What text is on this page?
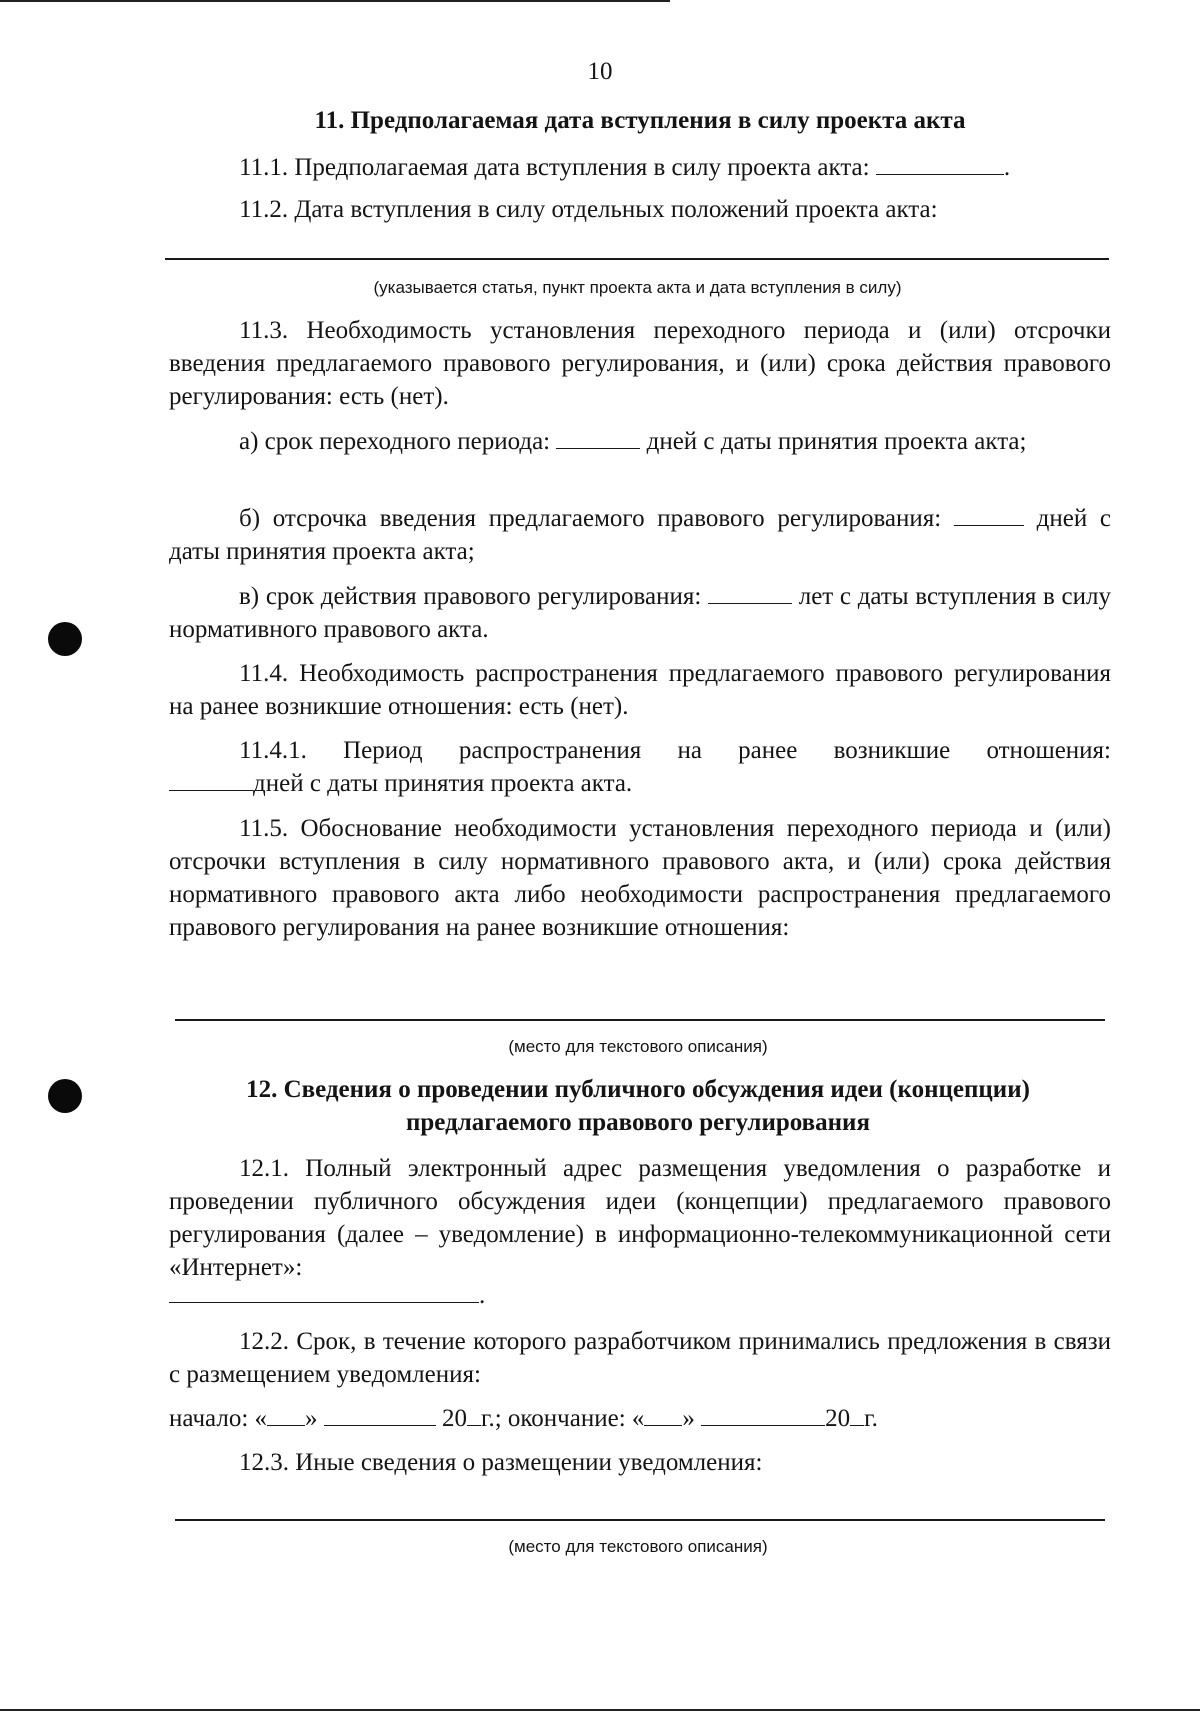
10
11. Предполагаемая дата вступления в силу проекта акта

11.1. Предполагаемая дата вступления в силу проекта акта:	.

11.2. Дата вступления в силу отдельных положений проекта акта:

(указывается статья, пункт проекта акта и дата вступления в силу)

11.3. Необходимость установления переходного периода и (или) отсрочки введения предлагаемого правового регулирования, и (или) срока действия правового регулирования: есть (нет).

а) срок переходного периода:	дней с даты принятия проекта акта;

б) отсрочка введения предлагаемого правового регулирования:	дней с даты принятия проекта акта;

в) срок действия правового регулирования:	лет с даты вступления в силу нормативного правового акта.

11.4. Необходимость распространения предлагаемого правового регулирования на ранее возникшие отношения: есть (нет).

11.4.1. Период распространения на ранее возникшие отношения:
дней с даты принятия проекта акта.

11.5. Обоснование необходимости установления переходного периода и (или) отсрочки вступления в силу нормативного правового акта, и (или) срока действия нормативного правового акта либо необходимости распространения предлагаемого правового регулирования на ранее возникшие отношения:

(место для текстового описания)
12. Сведения о проведении публичного обсуждения идеи (концепции)
предлагаемого правового регулирования

12.1. Полный электронный адрес размещения уведомления о разработке и проведении публичного обсуждения идеи (концепции) предлагаемого правового регулирования (далее – уведомление) в информационно-телекоммуникационной сети «Интернет»:

.

12.2. Срок, в течение которого разработчиком принимались предложения в связи с размещением уведомления:

начало: « »	20 г.; окончание: « »	20 г.

12.3. Иные сведения о размещении уведомления:

(место для текстового описания)
